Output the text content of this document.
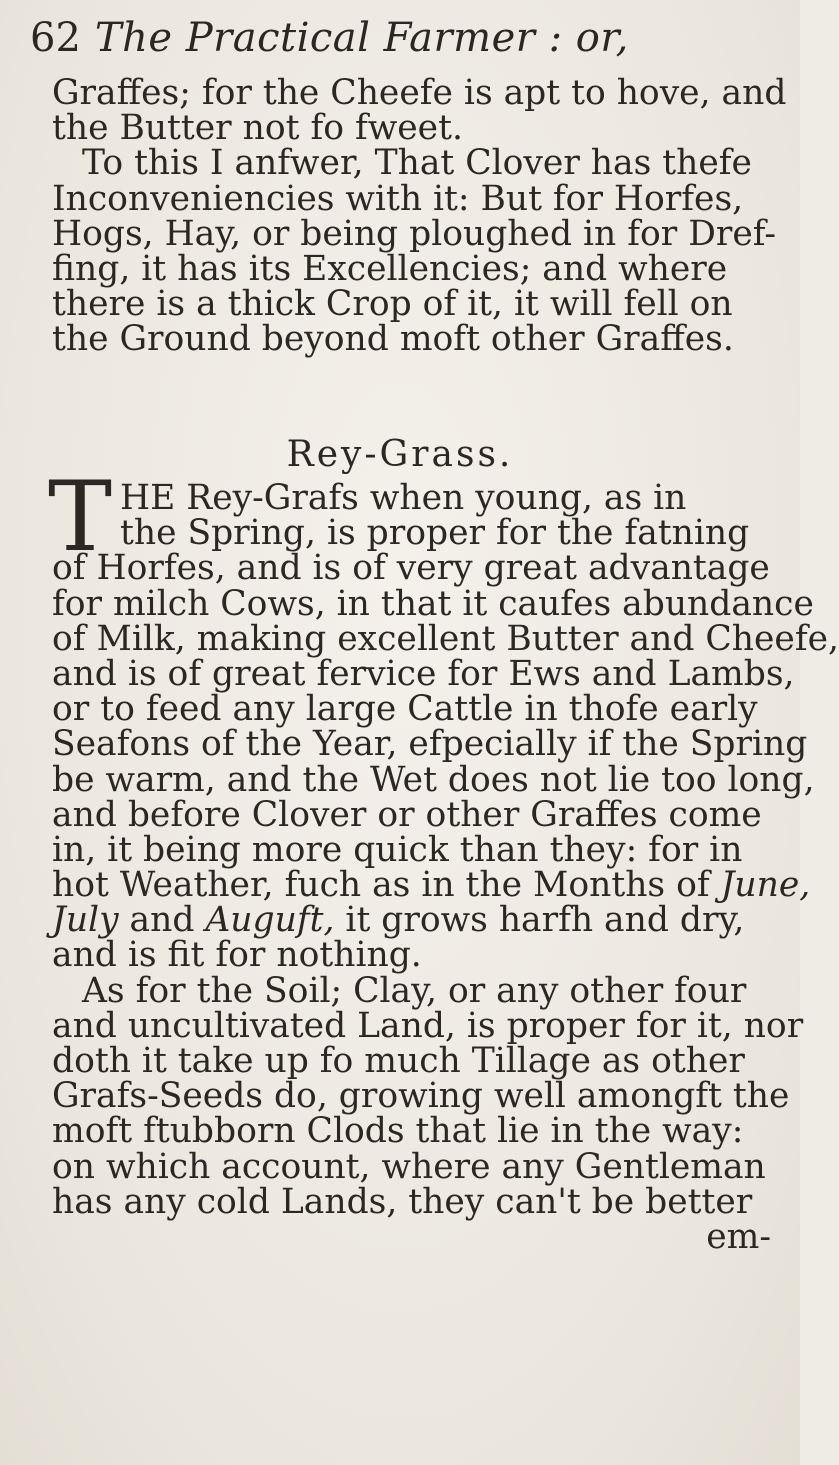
62 The Practical Farmer : or,
Graffes; for the Cheefe is apt to hove, and
the Butter not fo fweet.
To this I anfwer, That Clover has thefe
Inconveniencies with it: But for Horfes,
Hogs, Hay, or being ploughed in for Dref-
fing, it has its Excellencies; and where
there is a thick Crop of it, it will fell on
the Ground beyond moft other Graffes.
Rey-Grass.
T HE Rey-Grafs when young, as in
the Spring, is proper for the fatning
of Horfes, and is of very great advantage
for milch Cows, in that it caufes abundance
of Milk, making excellent Butter and Cheefe,
and is of great fervice for Ews and Lambs,
or to feed any large Cattle in thofe early
Seafons of the Year, efpecially if the Spring
be warm, and the Wet does not lie too long,
and before Clover or other Graffes come
in, it being more quick than they: for in
hot Weather, fuch as in the Months of June,
July and Auguft, it grows harfh and dry,
and is fit for nothing.
As for the Soil; Clay, or any other four
and uncultivated Land, is proper for it, nor
doth it take up fo much Tillage as other
Grafs-Seeds do, growing well amongft the
moft ftubborn Clods that lie in the way:
on which account, where any Gentleman
has any cold Lands, they can't be better
em-
